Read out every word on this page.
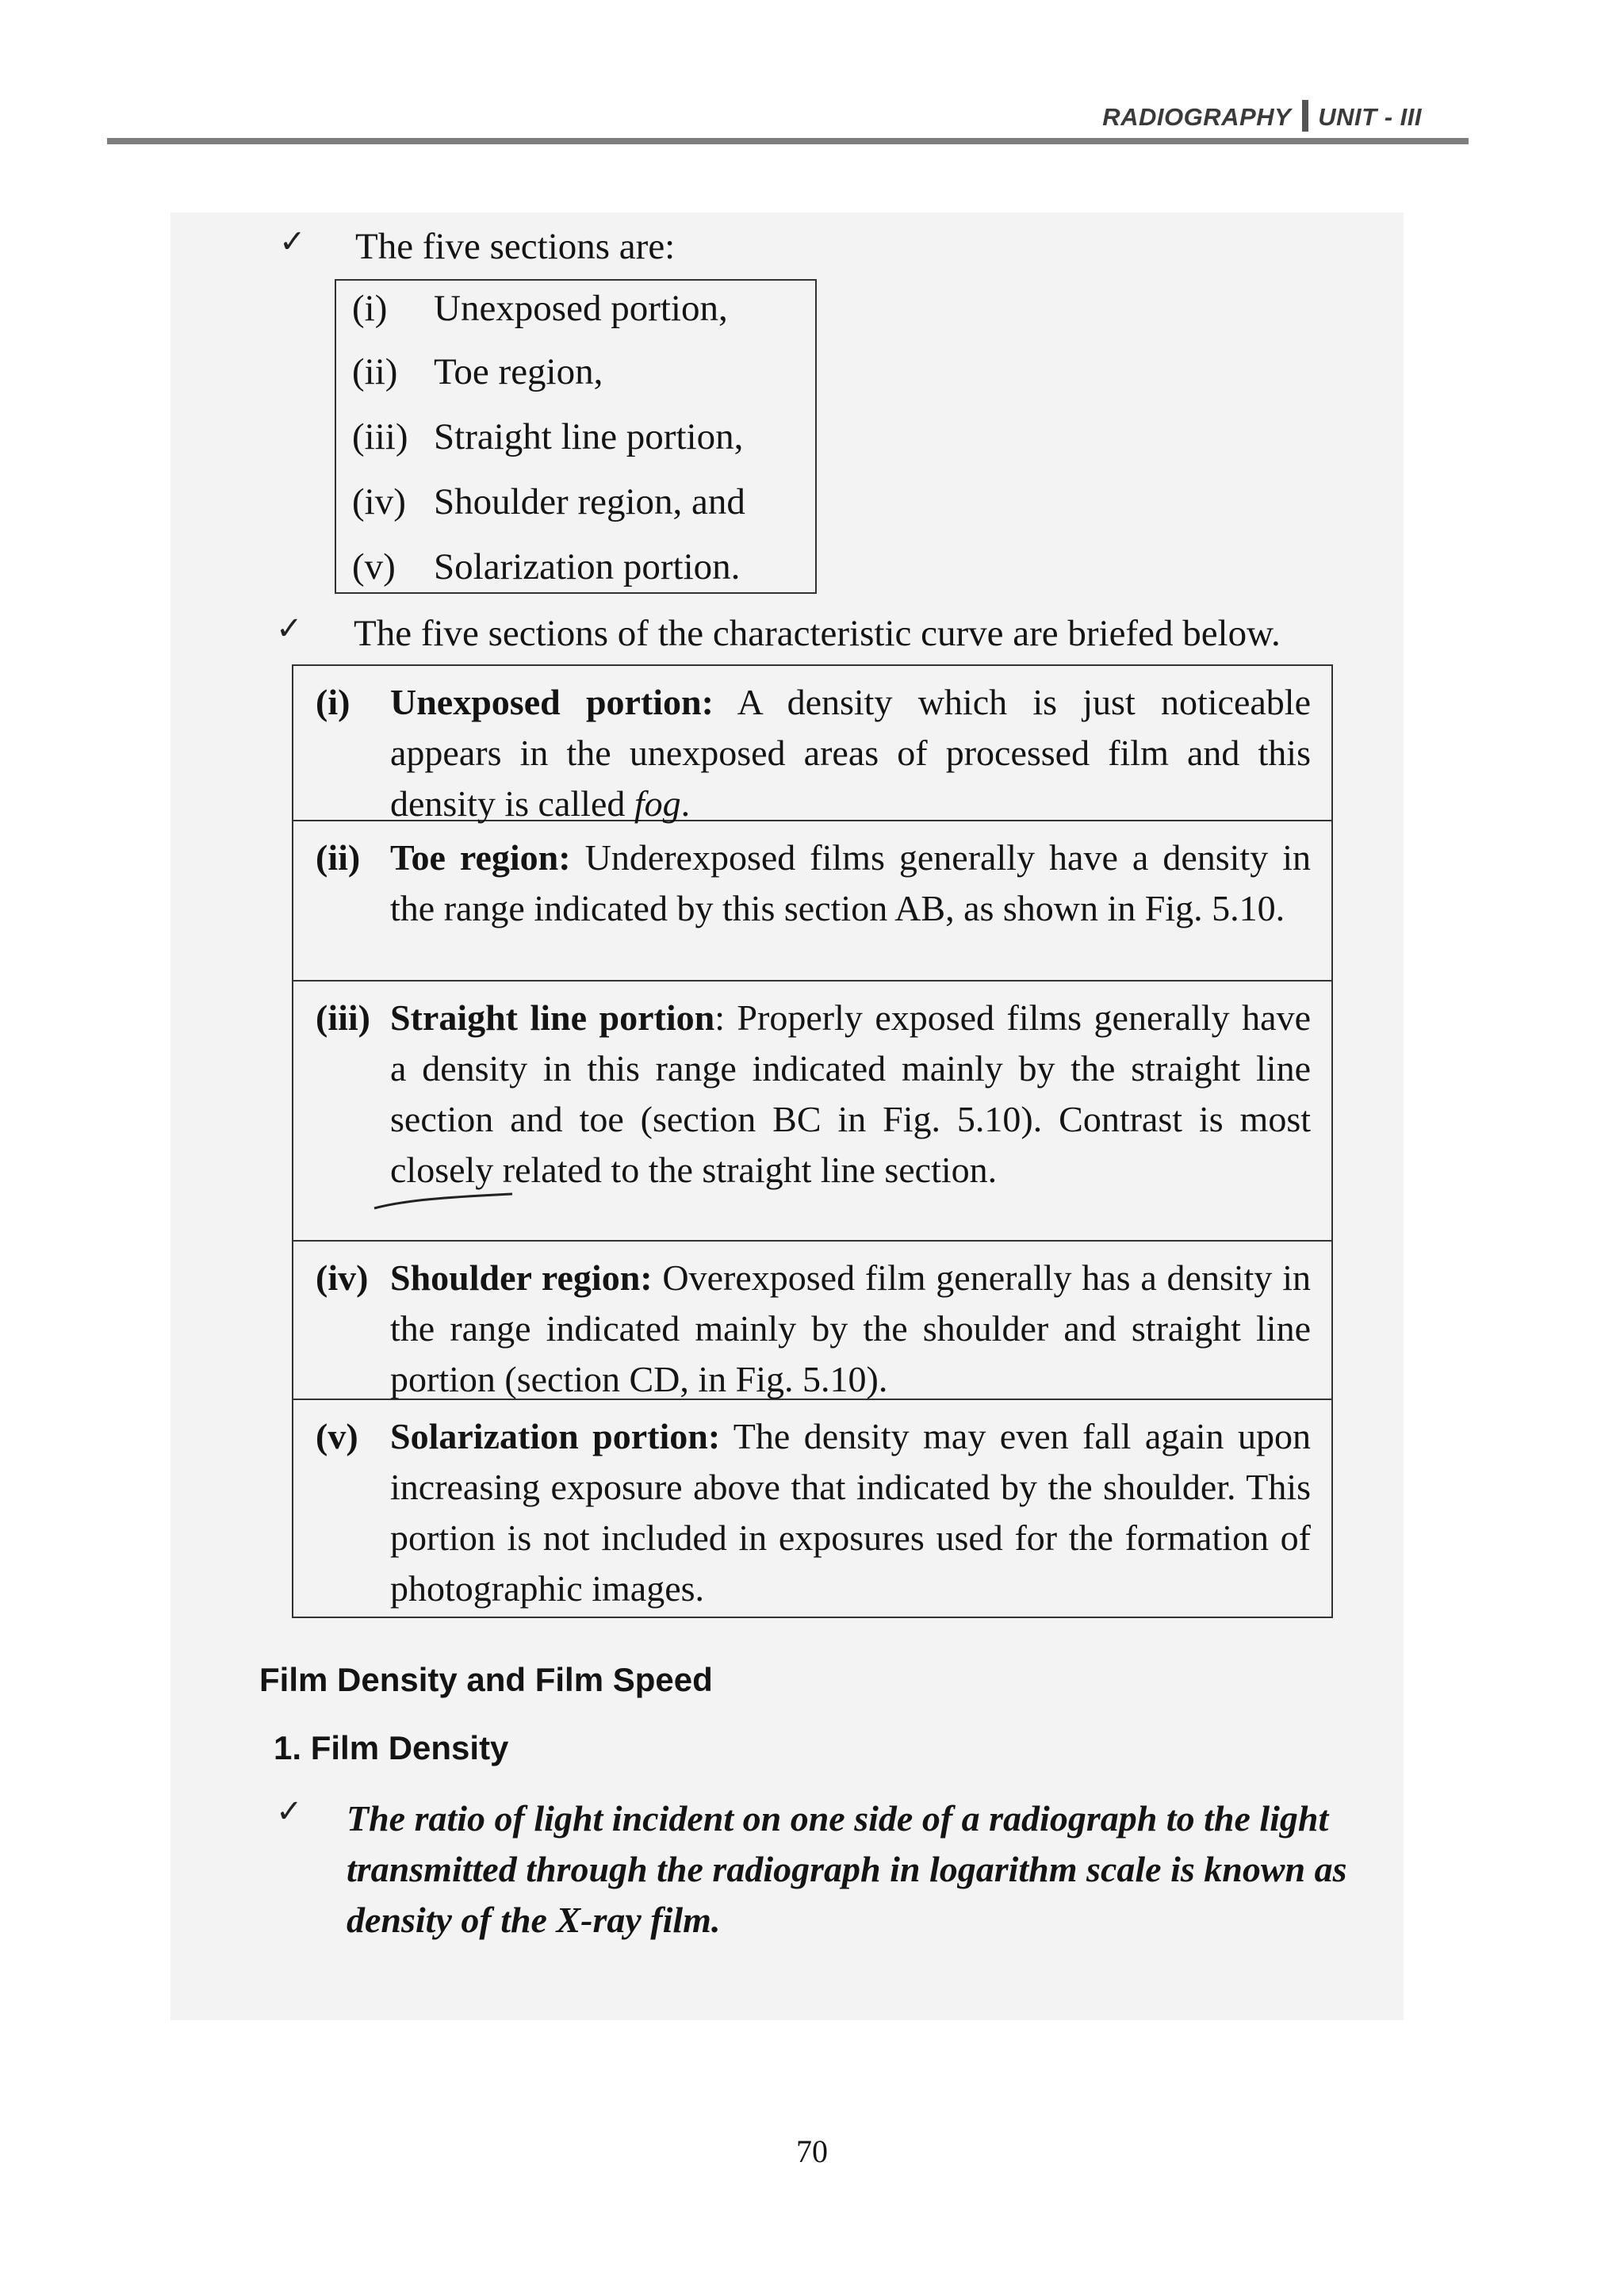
RADIOGRAPHY UNIT - III
✓ The five sections are:
(i) Unexposed portion,
(ii) Toe region,
(iii) Straight line portion,
(iv) Shoulder region, and
(v) Solarization portion.
✓ The five sections of the characteristic curve are briefed below.
(i) Unexposed portion: A density which is just noticeable appears in the unexposed areas of processed film and this density is called fog.
(ii) Toe region: Underexposed films generally have a density in the range indicated by this section AB, as shown in Fig. 5.10.
(iii) Straight line portion: Properly exposed films generally have a density in this range indicated mainly by the straight line section and toe (section BC in Fig. 5.10). Contrast is most closely related to the straight line section.
(iv) Shoulder region: Overexposed film generally has a density in the range indicated mainly by the shoulder and straight line portion (section CD, in Fig. 5.10).
(v) Solarization portion: The density may even fall again upon increasing exposure above that indicated by the shoulder. This portion is not included in exposures used for the formation of photographic images.
Film Density and Film Speed
1. Film Density
✓ The ratio of light incident on one side of a radiograph to the light transmitted through the radiograph in logarithm scale is known as density of the X-ray film.
70
